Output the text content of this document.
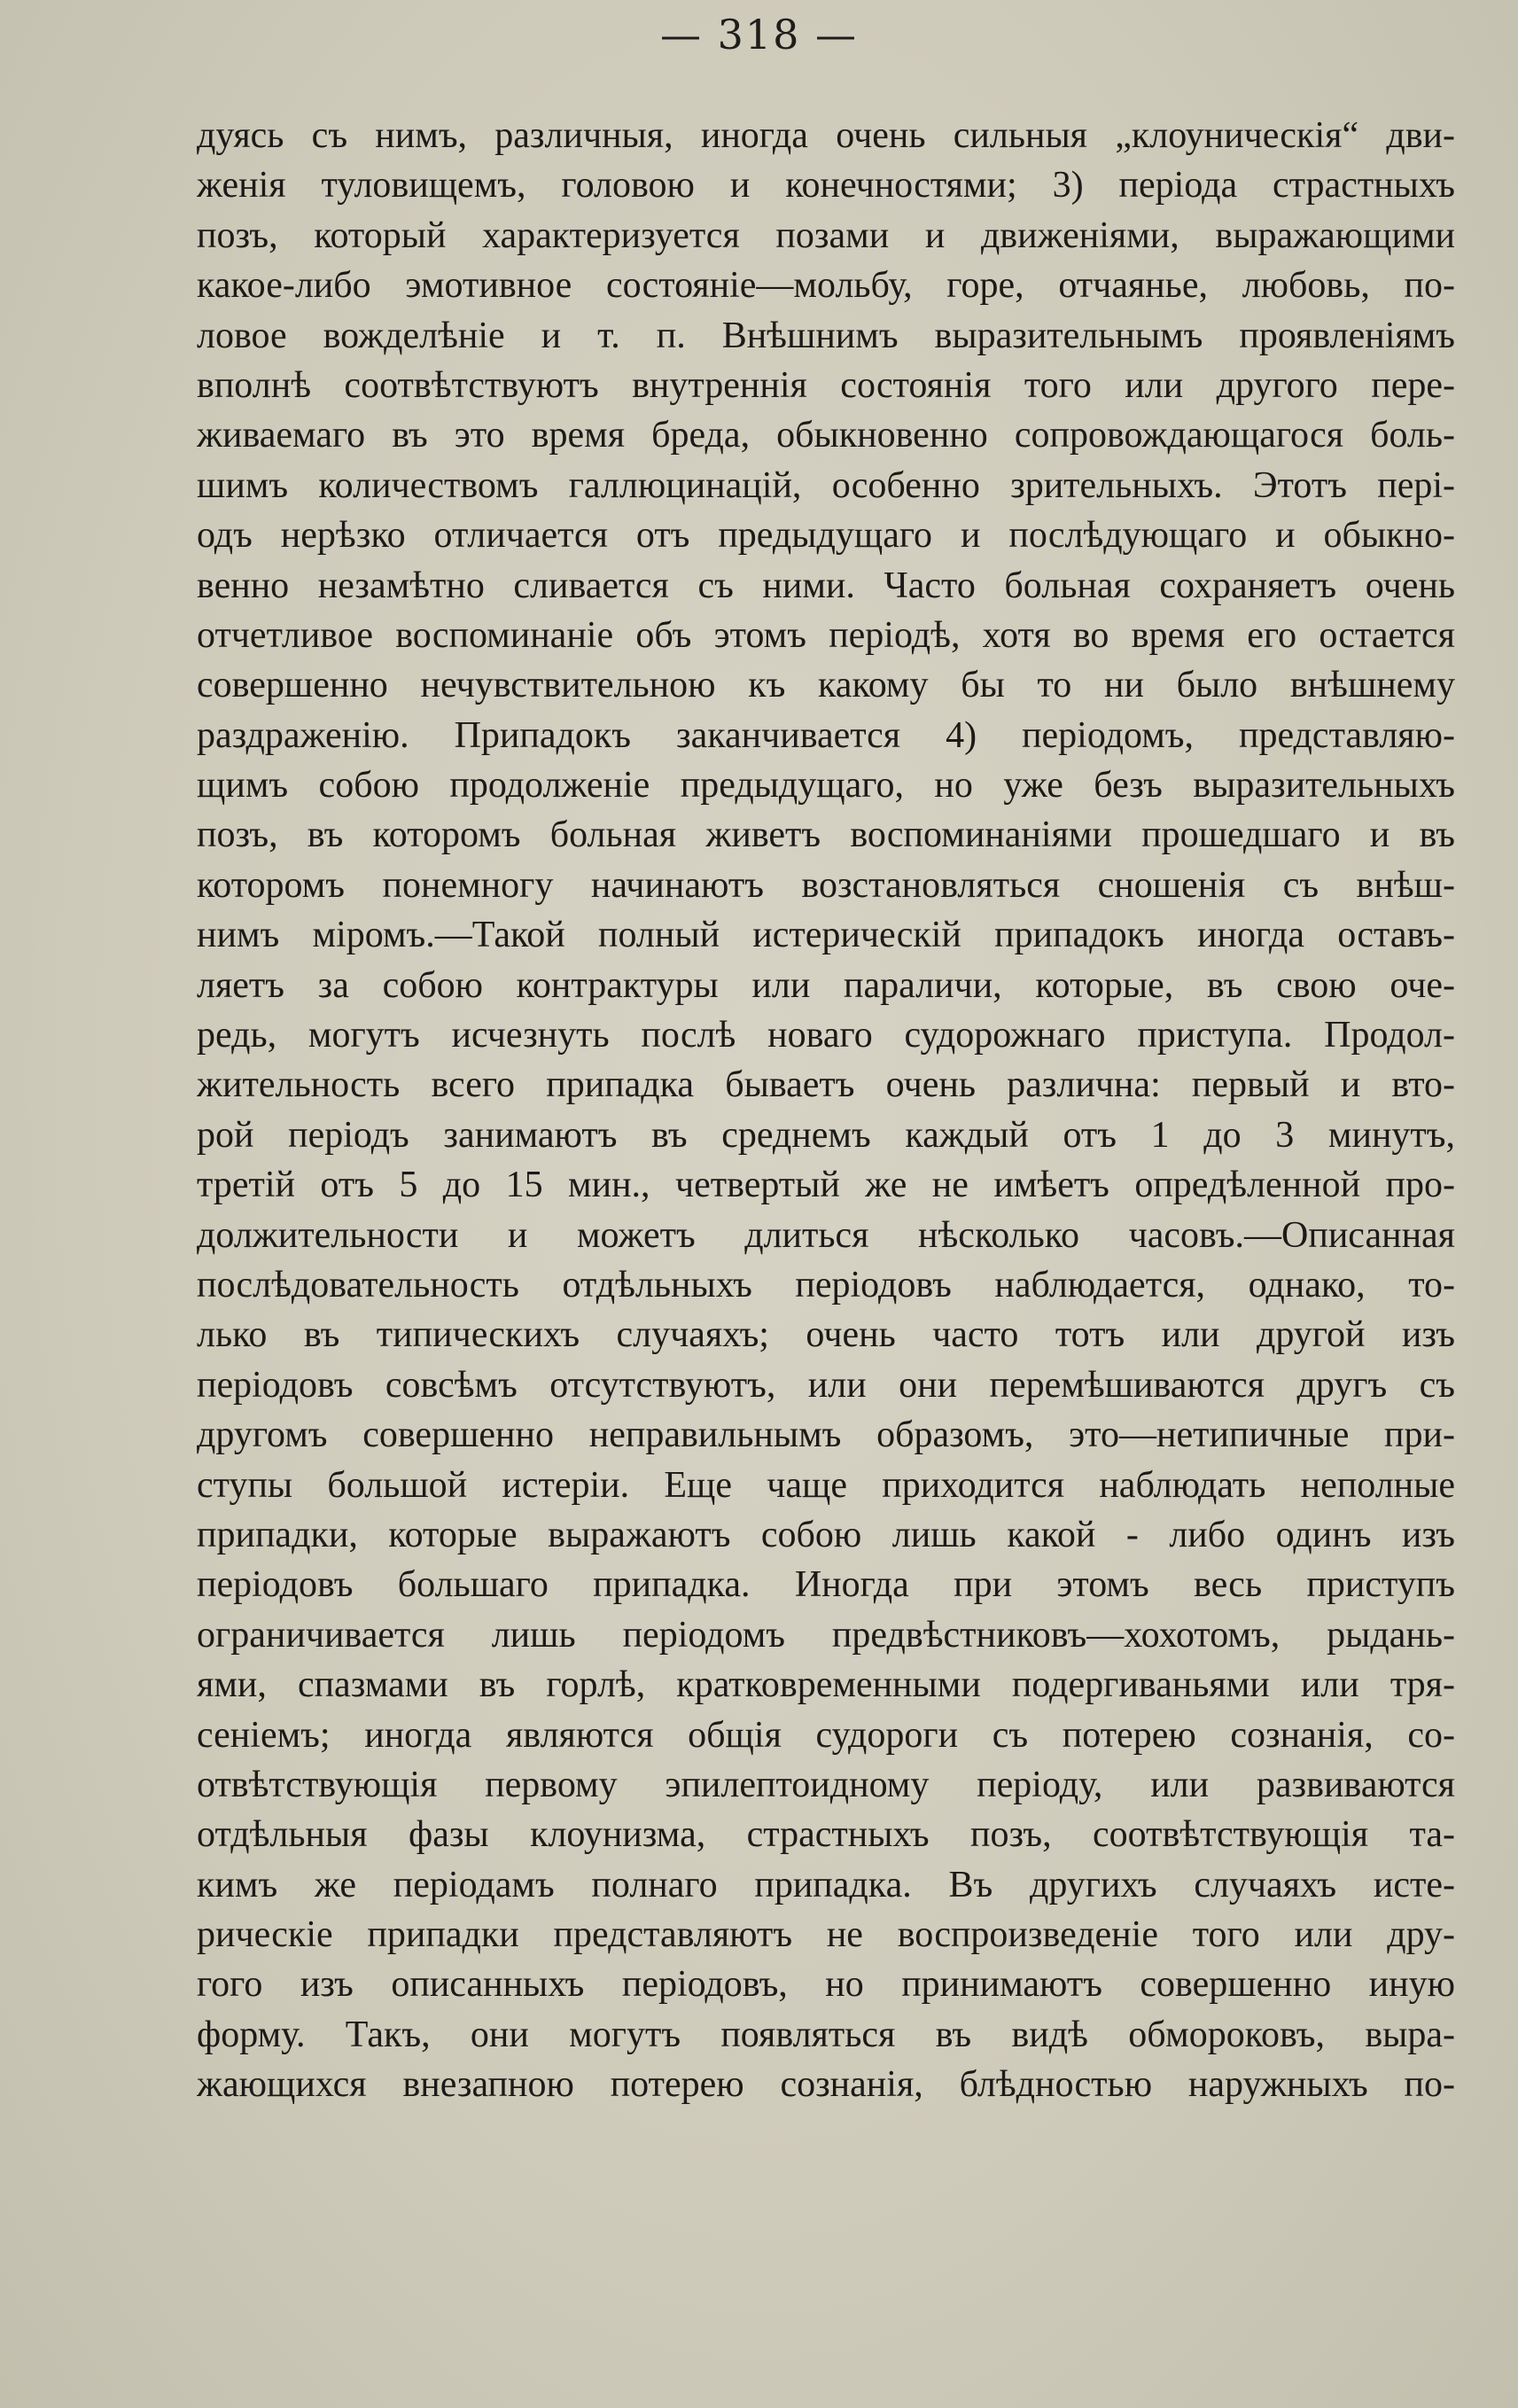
— 318 —
дуясь съ нимъ, различныя, иногда очень сильныя „клоуническія“ дви-
женія туловищемъ, головою и конечностями; 3) періода страстныхъ
позъ, который характеризуется позами и движеніями, выражающими
какое-либо эмотивное состояніе—мольбу, горе, отчаянье, любовь, по-
ловое вожделѣніе и т. п. Внѣшнимъ выразительнымъ проявленіямъ
вполнѣ соотвѣтствуютъ внутреннія состоянія того или другого пере-
живаемаго въ это время бреда, обыкновенно сопровождающагося боль-
шимъ количествомъ галлюцинацій, особенно зрительныхъ. Этотъ пері-
одъ нерѣзко отличается отъ предыдущаго и послѣдующаго и обыкно-
венно незамѣтно сливается съ ними. Часто больная сохраняетъ очень
отчетливое воспоминаніе объ этомъ періодѣ, хотя во время его остается
совершенно нечувствительною къ какому бы то ни было внѣшнему
раздраженію. Припадокъ заканчивается 4) періодомъ, представляю-
щимъ собою продолженіе предыдущаго, но уже безъ выразительныхъ
позъ, въ которомъ больная живетъ воспоминаніями прошедшаго и въ
которомъ понемногу начинаютъ возстановляться сношенія съ внѣш-
нимъ міромъ.—Такой полный истерическій припадокъ иногда оставъ-
ляетъ за собою контрактуры или параличи, которые, въ свою оче-
редь, могутъ исчезнуть послѣ новаго судорожнаго приступа. Продол-
жительность всего припадка бываетъ очень различна: первый и вто-
рой періодъ занимаютъ въ среднемъ каждый отъ 1 до 3 минутъ,
третій отъ 5 до 15 мин., четвертый же не имѣетъ опредѣленной про-
должительности и можетъ длиться нѣсколько часовъ.—Описанная
послѣдовательность отдѣльныхъ періодовъ наблюдается, однако, то-
лько въ типическихъ случаяхъ; очень часто тотъ или другой изъ
періодовъ совсѣмъ отсутствуютъ, или они перемѣшиваются другъ съ
другомъ совершенно неправильнымъ образомъ, это—нетипичные при-
ступы большой истеріи. Еще чаще приходится наблюдать неполные
припадки, которые выражаютъ собою лишь какой - либо одинъ изъ
періодовъ большаго припадка. Иногда при этомъ весь приступъ
ограничивается лишь періодомъ предвѣстниковъ—хохотомъ, рыдань-
ями, спазмами въ горлѣ, кратковременными подергиваньями или тря-
сеніемъ; иногда являются общія судороги съ потерею сознанія, со-
отвѣтствующія первому эпилептоидному періоду, или развиваются
отдѣльныя фазы клоунизма, страстныхъ позъ, соотвѣтствующія та-
кимъ же періодамъ полнаго припадка. Въ другихъ случаяхъ исте-
рическіе припадки представляютъ не воспроизведеніе того или дру-
гого изъ описанныхъ періодовъ, но принимаютъ совершенно иную
форму. Такъ, они могутъ появляться въ видѣ обмороковъ, выра-
жающихся внезапною потерею сознанія, блѣдностью наружныхъ по-
